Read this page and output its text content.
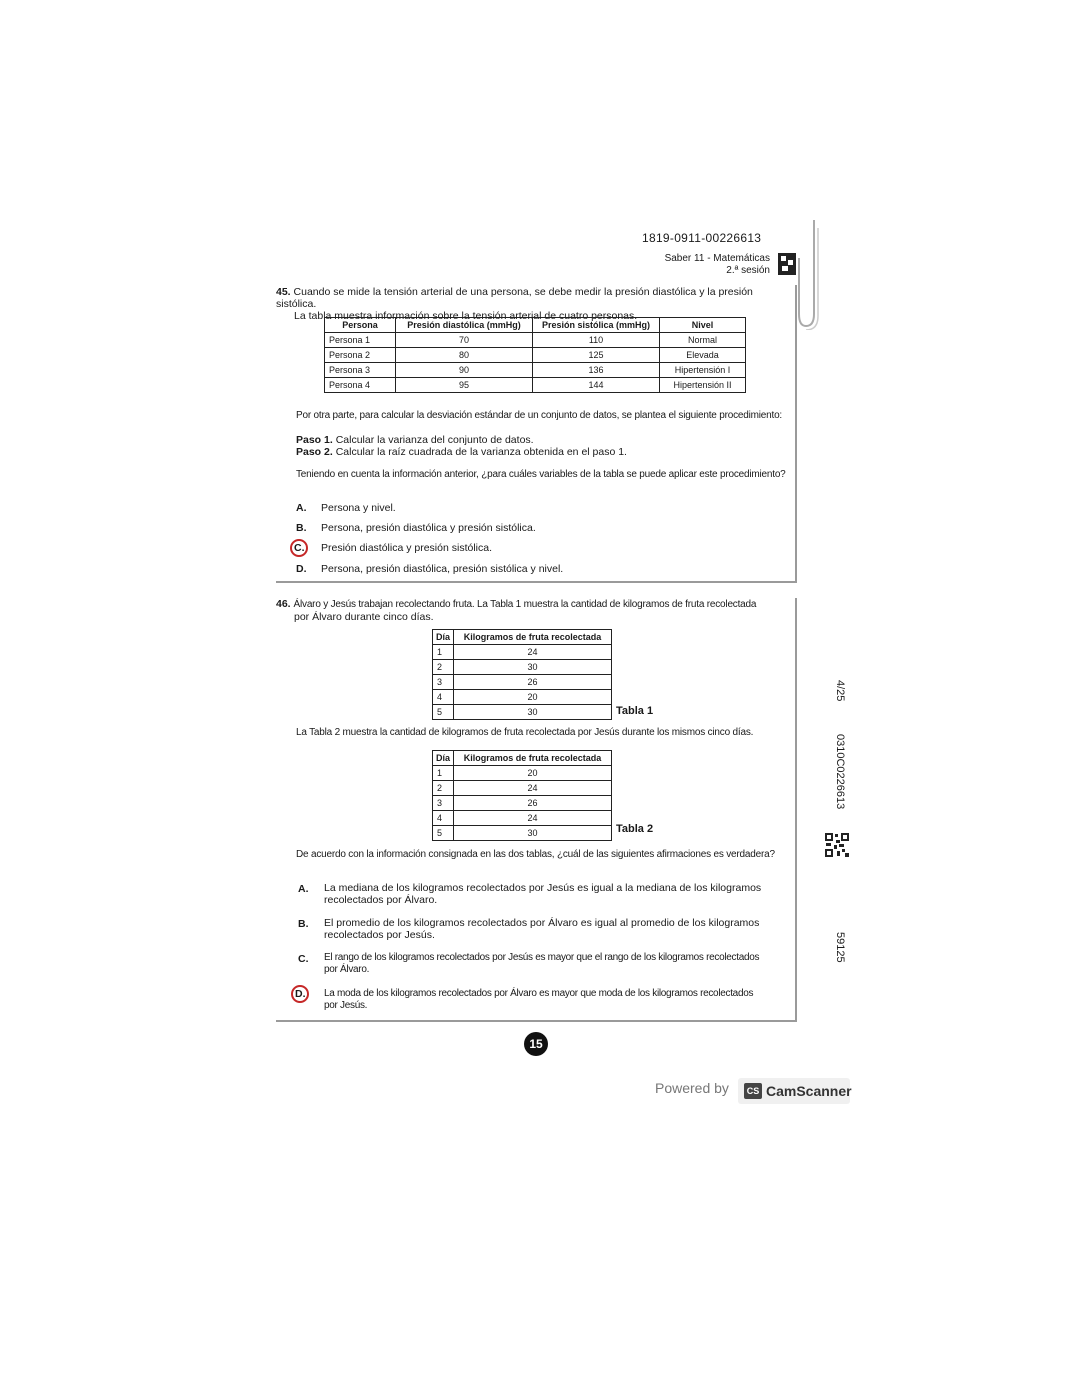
1819-0911-00226613
Saber 11 - Matemáticas
2.ª sesión
45. Cuando se mide la tensión arterial de una persona, se debe medir la presión diastólica y la presión sistólica.
La tabla muestra información sobre la tensión arterial de cuatro personas.
Persona	Presión diastólica (mmHg)	Presión sistólica (mmHg)	Nivel
Persona 1	70	110	Normal
Persona 2	80	125	Elevada
Persona 3	90	136	Hipertensión I
Persona 4	95	144	Hipertensión II
Por otra parte, para calcular la desviación estándar de un conjunto de datos, se plantea el siguiente procedimiento:
Paso 1. Calcular la varianza del conjunto de datos.
Paso 2. Calcular la raíz cuadrada de la varianza obtenida en el paso 1.
Teniendo en cuenta la información anterior, ¿para cuáles variables de la tabla se puede aplicar este procedimiento?
A. Persona y nivel.
B. Persona, presión diastólica y presión sistólica.
C. Presión diastólica y presión sistólica.
D. Persona, presión diastólica, presión sistólica y nivel.
46. Álvaro y Jesús trabajan recolectando fruta. La Tabla 1 muestra la cantidad de kilogramos de fruta recolectada
por Álvaro durante cinco días.
Día	Kilogramos de fruta recolectada
1	24
2	30
3	26
4	20
5	30	Tabla 1
La Tabla 2 muestra la cantidad de kilogramos de fruta recolectada por Jesús durante los mismos cinco días.
Día	Kilogramos de fruta recolectada
1	20
2	24
3	26
4	24
5	30	Tabla 2
De acuerdo con la información consignada en las dos tablas, ¿cuál de las siguientes afirmaciones es verdadera?
A. La mediana de los kilogramos recolectados por Jesús es igual a la mediana de los kilogramos
recolectados por Álvaro.
B. El promedio de los kilogramos recolectados por Álvaro es igual al promedio de los kilogramos
recolectados por Jesús.
C. El rango de los kilogramos recolectados por Jesús es mayor que el rango de los kilogramos recolectados
por Álvaro.
D. La moda de los kilogramos recolectados por Álvaro es mayor que moda de los kilogramos recolectados
por Jesús.
4/25
0310C0226613
59125
15
Powered by	CS CamScanner
